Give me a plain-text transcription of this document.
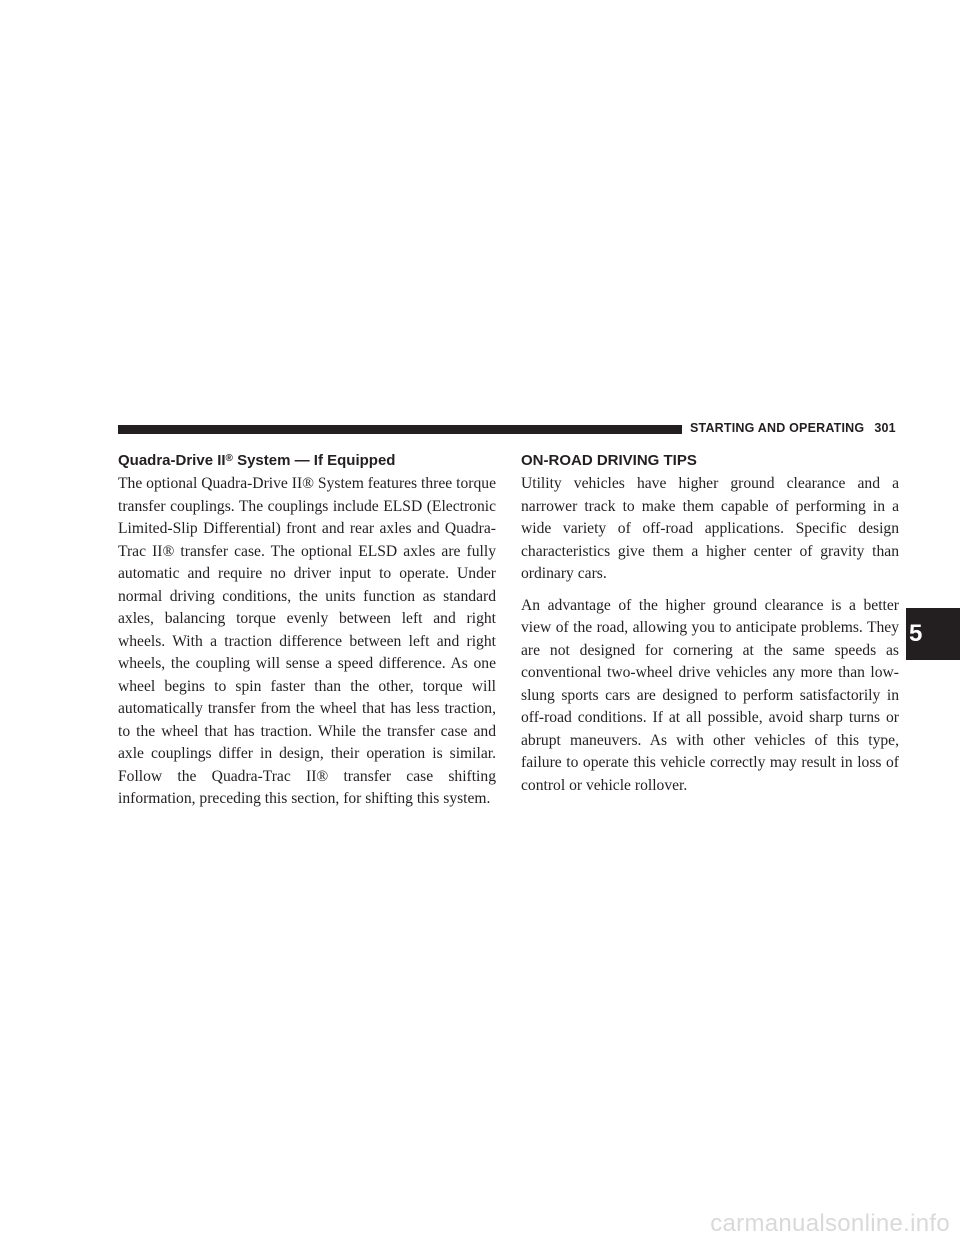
STARTING AND OPERATING 301
Quadra-Drive II® System — If Equipped

The optional Quadra-Drive II® System features three torque transfer couplings. The couplings include ELSD (Electronic Limited-Slip Differential) front and rear axles and Quadra-Trac II® transfer case. The optional ELSD axles are fully automatic and require no driver input to operate. Under normal driving conditions, the units function as standard axles, balancing torque evenly between left and right wheels. With a traction difference between left and right wheels, the coupling will sense a speed difference. As one wheel begins to spin faster than the other, torque will automatically transfer from the wheel that has less traction, to the wheel that has traction. While the transfer case and axle couplings differ in design, their operation is similar. Follow the Quadra-Trac II® transfer case shifting information, preceding this section, for shifting this system.

ON-ROAD DRIVING TIPS

Utility vehicles have higher ground clearance and a narrower track to make them capable of performing in a wide variety of off-road applications. Specific design characteristics give them a higher center of gravity than ordinary cars.

An advantage of the higher ground clearance is a better view of the road, allowing you to anticipate problems. They are not designed for cornering at the same speeds as conventional two-wheel drive vehicles any more than low-slung sports cars are designed to perform satisfactorily in off-road conditions. If at all possible, avoid sharp turns or abrupt maneuvers. As with other vehicles of this type, failure to operate this vehicle correctly may result in loss of control or vehicle rollover.

5
carmanualsonline.info
